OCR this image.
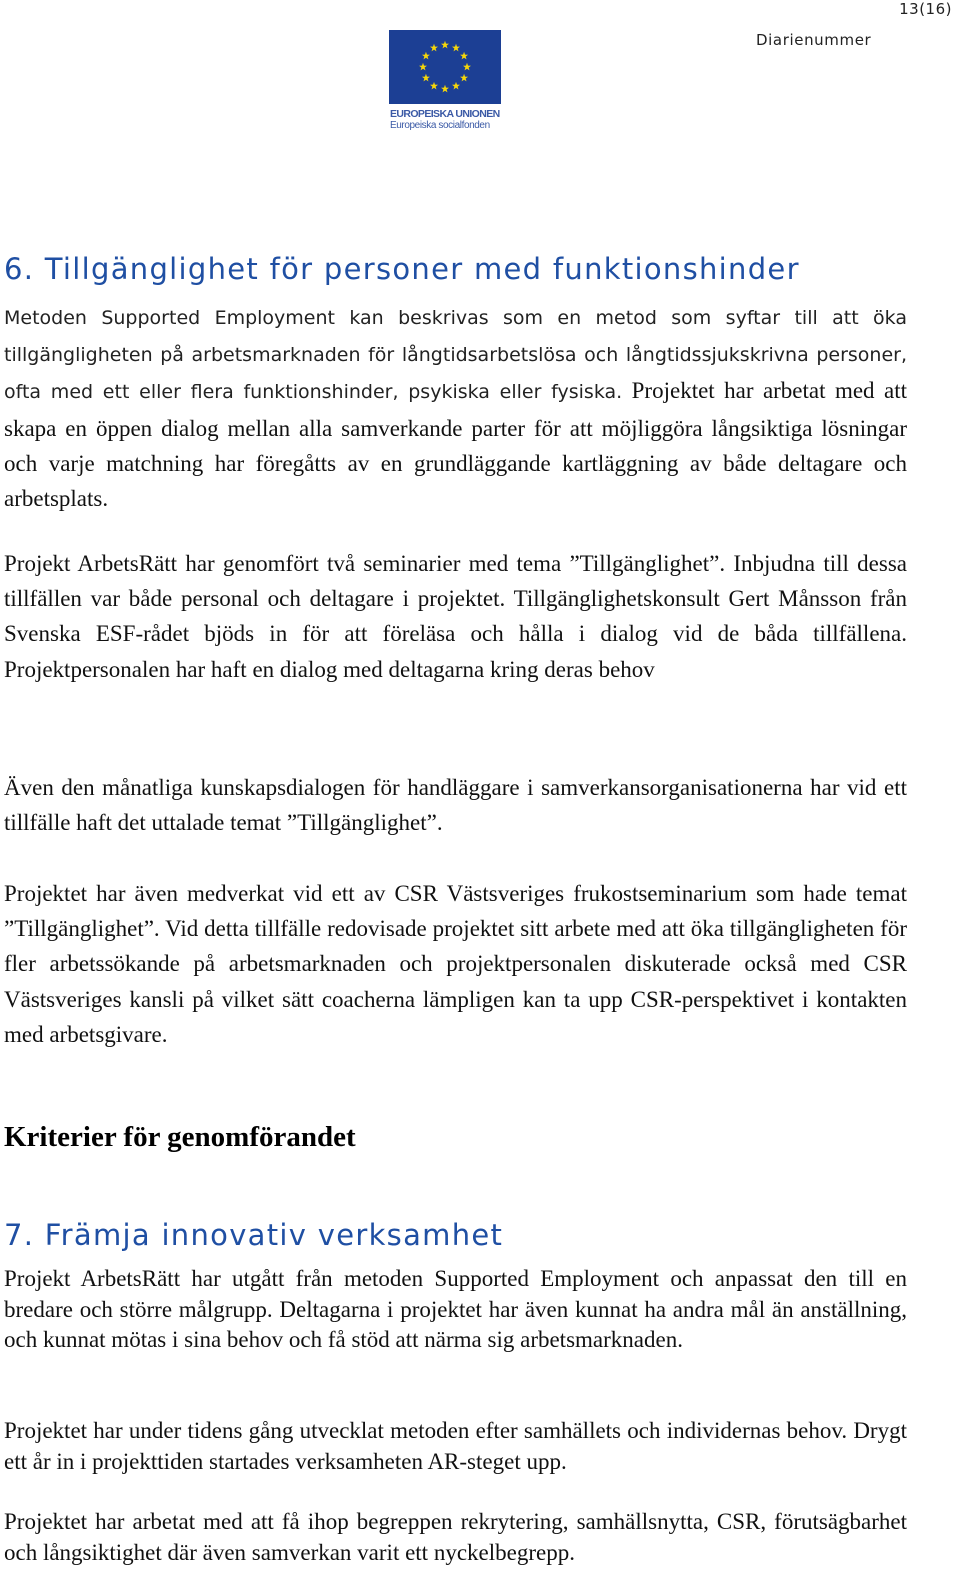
13(16)
Diarienummer
EUROPEISKA UNIONEN
Europeiska socialfonden
6. Tillgänglighet för personer med funktionshinder

Metoden Supported Employment kan beskrivas som en metod som syftar till att öka tillgängligheten på arbetsmarknaden för långtidsarbetslösa och långtidssjukskrivna personer, ofta med ett eller flera funktionshinder, psykiska eller fysiska. Projektet har arbetat med att skapa en öppen dialog mellan alla samverkande parter för att möjliggöra långsiktiga lösningar och varje matchning har föregåtts av en grundläggande kartläggning av både deltagare och arbetsplats.

Projekt ArbetsRätt har genomfört två seminarier med tema ”Tillgänglighet”. Inbjudna till dessa tillfällen var både personal och deltagare i projektet. Tillgänglighetskonsult Gert Månsson från Svenska ESF-rådet bjöds in för att föreläsa och hålla i dialog vid de båda tillfällena. Projektpersonalen har haft en dialog med deltagarna kring deras behov

Även den månatliga kunskapsdialogen för handläggare i samverkansorganisationerna har vid ett tillfälle haft det uttalade temat ”Tillgänglighet”.

Projektet har även medverkat vid ett av CSR Västsveriges frukostseminarium som hade temat ”Tillgänglighet”. Vid detta tillfälle redovisade projektet sitt arbete med att öka tillgängligheten för fler arbetssökande på arbetsmarknaden och projektpersonalen diskuterade också med CSR Västsveriges kansli på vilket sätt coacherna lämpligen kan ta upp CSR-perspektivet i kontakten med arbetsgivare.

Kriterier för genomförandet
7. Främja innovativ verksamhet

Projekt ArbetsRätt har utgått från metoden Supported Employment och anpassat den till en bredare och större målgrupp. Deltagarna i projektet har även kunnat ha andra mål än anställning, och kunnat mötas i sina behov och få stöd att närma sig arbetsmarknaden.

Projektet har under tidens gång utvecklat metoden efter samhällets och individernas behov. Drygt ett år in i projekttiden startades verksamheten AR-steget upp.

Projektet har arbetat med att få ihop begreppen rekrytering, samhällsnytta, CSR, förutsägbarhet och långsiktighet där även samverkan varit ett nyckelbegrepp.
